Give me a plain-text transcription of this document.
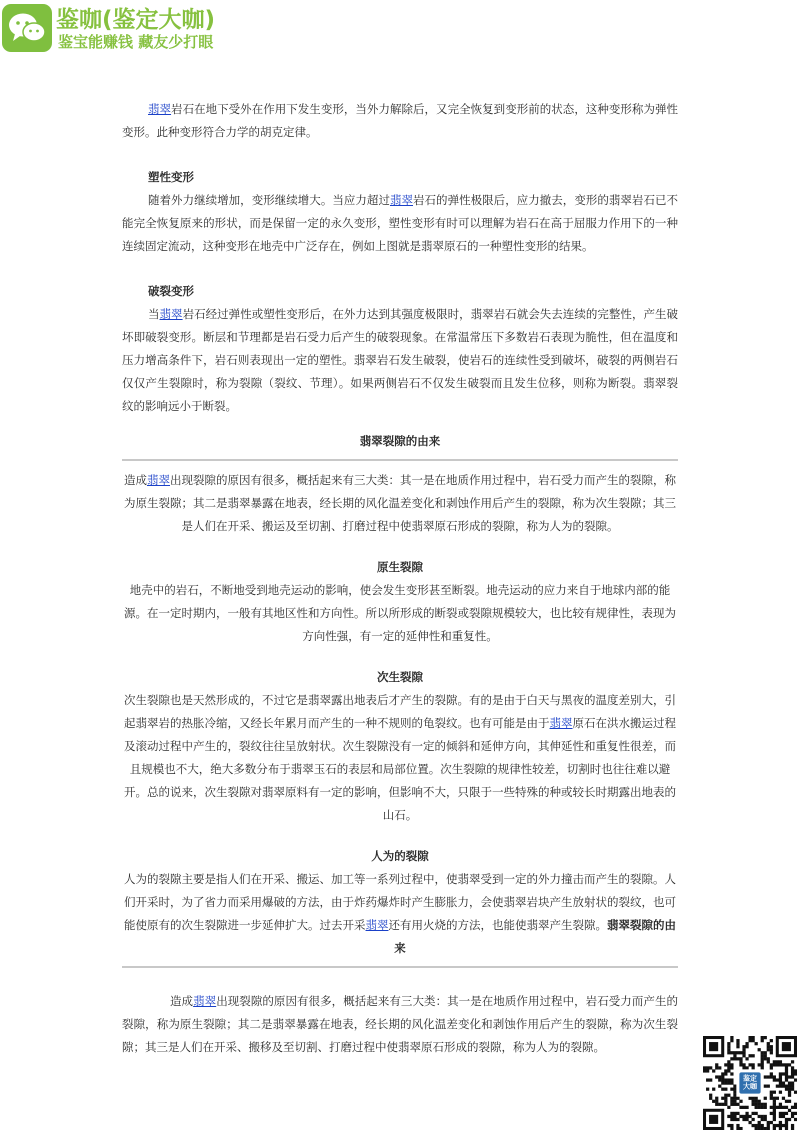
鉴咖(鉴定大咖)
鉴宝能赚钱 藏友少打眼

翡翠岩石在地下受外在作用下发生变形，当外力解除后，又完全恢复到变形前的状态，这种变形称为弹性变形。此种变形符合力学的胡克定律。

塑性变形

随着外力继续增加，变形继续增大。当应力超过翡翠岩石的弹性极限后，应力撤去，变形的翡翠岩石已不能完全恢复原来的形状，而是保留一定的永久变形，塑性变形有时可以理解为岩石在高于屈服力作用下的一种连续固定流动，这种变形在地壳中广泛存在，例如上图就是翡翠原石的一种塑性变形的结果。

破裂变形

当翡翠岩石经过弹性或塑性变形后，在外力达到其强度极限时，翡翠岩石就会失去连续的完整性，产生破坏即破裂变形。断层和节理都是岩石受力后产生的破裂现象。在常温常压下多数岩石表现为脆性，但在温度和压力增高条件下，岩石则表现出一定的塑性。翡翠岩石发生破裂，使岩石的连续性受到破坏，破裂的两侧岩石仅仅产生裂隙时，称为裂隙（裂纹、节理）。如果两侧岩石不仅发生破裂而且发生位移，则称为断裂。翡翠裂纹的影响远小于断裂。

翡翠裂隙的由来

造成翡翠出现裂隙的原因有很多，概括起来有三大类：其一是在地质作用过程中，岩石受力而产生的裂隙，称为原生裂隙；其二是翡翠暴露在地表，经长期的风化温差变化和剥蚀作用后产生的裂隙，称为次生裂隙；其三是人们在开采、搬运及至切割、打磨过程中使翡翠原石形成的裂隙，称为人为的裂隙。

原生裂隙

地壳中的岩石，不断地受到地壳运动的影响，使会发生变形甚至断裂。地壳运动的应力来自于地球内部的能源。在一定时期内，一般有其地区性和方向性。所以所形成的断裂或裂隙规模较大，也比较有规律性，表现为方向性强，有一定的延伸性和重复性。

次生裂隙

次生裂隙也是天然形成的，不过它是翡翠露出地表后才产生的裂隙。有的是由于白天与黑夜的温度差别大，引起翡翠岩的热胀冷缩，又经长年累月而产生的一种不规则的龟裂纹。也有可能是由于翡翠原石在洪水搬运过程及滚动过程中产生的，裂纹往往呈放射状。次生裂隙没有一定的倾斜和延伸方向，其伸延性和重复性很差，而且规模也不大，绝大多数分布于翡翠玉石的表层和局部位置。次生裂隙的规律性较差，切割时也往往难以避开。总的说来，次生裂隙对翡翠原料有一定的影响，但影响不大，只限于一些特殊的种或较长时期露出地表的山石。

人为的裂隙

人为的裂隙主要是指人们在开采、搬运、加工等一系列过程中，使翡翠受到一定的外力撞击而产生的裂隙。人们开采时，为了省力而采用爆破的方法，由于炸药爆炸时产生膨胀力，会使翡翠岩块产生放射状的裂纹，也可能使原有的次生裂隙进一步延伸扩大。过去开采翡翠还有用火烧的方法，也能使翡翠产生裂隙。翡翠裂隙的由来

造成翡翠出现裂隙的原因有很多，概括起来有三大类：其一是在地质作用过程中，岩石受力而产生的裂隙，称为原生裂隙；其二是翡翠暴露在地表，经长期的风化温差变化和剥蚀作用后产生的裂隙，称为次生裂隙；其三是人们在开采、搬移及至切割、打磨过程中使翡翠原石形成的裂隙，称为人为的裂隙。

鉴定
大咖
